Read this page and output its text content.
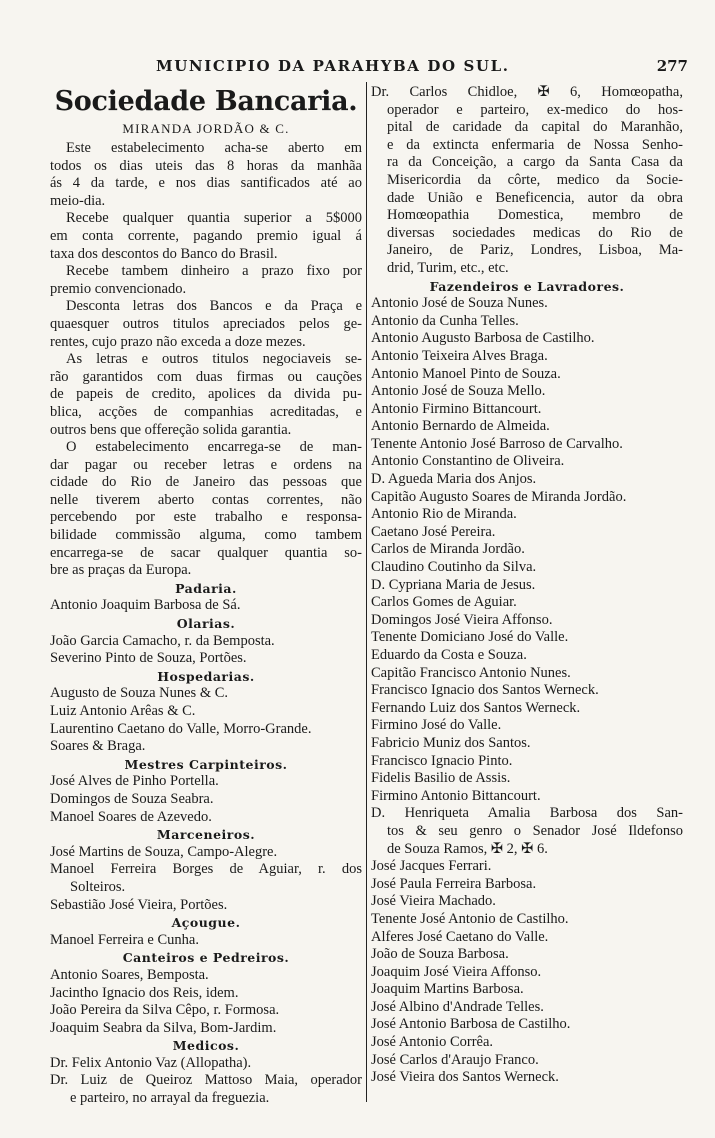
MUNICIPIO DA PARAHYBA DO SUL.	277
Sociedade Bancaria.
MIRANDA JORDÃO & C.
Este estabelecimento acha-se aberto em
todos os dias uteis das 8 horas da manhãa
ás 4 da tarde, e nos dias santificados até ao
meio-dia.
Recebe qualquer quantia superior a 5$000
em conta corrente, pagando premio igual á
taxa dos descontos do Banco do Brasil.
Recebe tambem dinheiro a prazo fixo por
premio convencionado.
Desconta letras dos Bancos e da Praça e
quaesquer outros titulos apreciados pelos ge-
rentes, cujo prazo não exceda a doze mezes.
As letras e outros titulos negociaveis se-
rão garantidos com duas firmas ou cauções
de papeis de credito, apolices da divida pu-
blica, acções de companhias acreditadas, e
outros bens que offereção solida garantia.
O estabelecimento encarrega-se de man-
dar pagar ou receber letras e ordens na
cidade do Rio de Janeiro das pessoas que
nelle tiverem aberto contas correntes, não
percebendo por este trabalho e responsa-
bilidade commissão alguma, como tambem
encarrega-se de sacar qualquer quantia so-
bre as praças da Europa.
Padaria.
Antonio Joaquim Barbosa de Sá.
Olarias.
João Garcia Camacho, r. da Bemposta.
Severino Pinto de Souza, Portões.
Hospedarias.
Augusto de Souza Nunes & C.
Luiz Antonio Arêas & C.
Laurentino Caetano do Valle, Morro-Grande.
Soares & Braga.
Mestres Carpinteiros.
José Alves de Pinho Portella.
Domingos de Souza Seabra.
Manoel Soares de Azevedo.
Marceneiros.
José Martins de Souza, Campo-Alegre.
Manoel Ferreira Borges de Aguiar, r. dos
Solteiros.
Sebastião José Vieira, Portões.
Açougue.
Manoel Ferreira e Cunha.
Canteiros e Pedreiros.
Antonio Soares, Bemposta.
Jacintho Ignacio dos Reis, idem.
João Pereira da Silva Cêpo, r. Formosa.
Joaquim Seabra da Silva, Bom-Jardim.
Medicos.
Dr. Felix Antonio Vaz (Allopatha).
Dr. Luiz de Queiroz Mattoso Maia, operador
e parteiro, no arrayal da freguezia.
Dr. Carlos Chidloe, ✠ 6, Homœopatha,
operador e parteiro, ex-medico do hos-
pital de caridade da capital do Maranhão,
e da extincta enfermaria de Nossa Senho-
ra da Conceição, a cargo da Santa Casa da
Misericordia da côrte, medico da Socie-
dade União e Beneficencia, autor da obra
Homœopathia Domestica, membro de
diversas sociedades medicas do Rio de
Janeiro, de Pariz, Londres, Lisboa, Ma-
drid, Turim, etc., etc.
Fazendeiros e Lavradores.
Antonio José de Souza Nunes.
Antonio da Cunha Telles.
Antonio Augusto Barbosa de Castilho.
Antonio Teixeira Alves Braga.
Antonio Manoel Pinto de Souza.
Antonio José de Souza Mello.
Antonio Firmino Bittancourt.
Antonio Bernardo de Almeida.
Tenente Antonio José Barroso de Carvalho.
Antonio Constantino de Oliveira.
D. Agueda Maria dos Anjos.
Capitão Augusto Soares de Miranda Jordão.
Antonio Rio de Miranda.
Caetano José Pereira.
Carlos de Miranda Jordão.
Claudino Coutinho da Silva.
D. Cypriana Maria de Jesus.
Carlos Gomes de Aguiar.
Domingos José Vieira Affonso.
Tenente Domiciano José do Valle.
Eduardo da Costa e Souza.
Capitão Francisco Antonio Nunes.
Francisco Ignacio dos Santos Werneck.
Fernando Luiz dos Santos Werneck.
Firmino José do Valle.
Fabricio Muniz dos Santos.
Francisco Ignacio Pinto.
Fidelis Basilio de Assis.
Firmino Antonio Bittancourt.
D. Henriqueta Amalia Barbosa dos San-
tos & seu genro o Senador José Ildefonso
de Souza Ramos, ✠ 2, ✠ 6.
José Jacques Ferrari.
José Paula Ferreira Barbosa.
José Vieira Machado.
Tenente José Antonio de Castilho.
Alferes José Caetano do Valle.
João de Souza Barbosa.
Joaquim José Vieira Affonso.
Joaquim Martins Barbosa.
José Albino d'Andrade Telles.
José Antonio Barbosa de Castilho.
José Antonio Corrêa.
José Carlos d'Araujo Franco.
José Vieira dos Santos Werneck.
